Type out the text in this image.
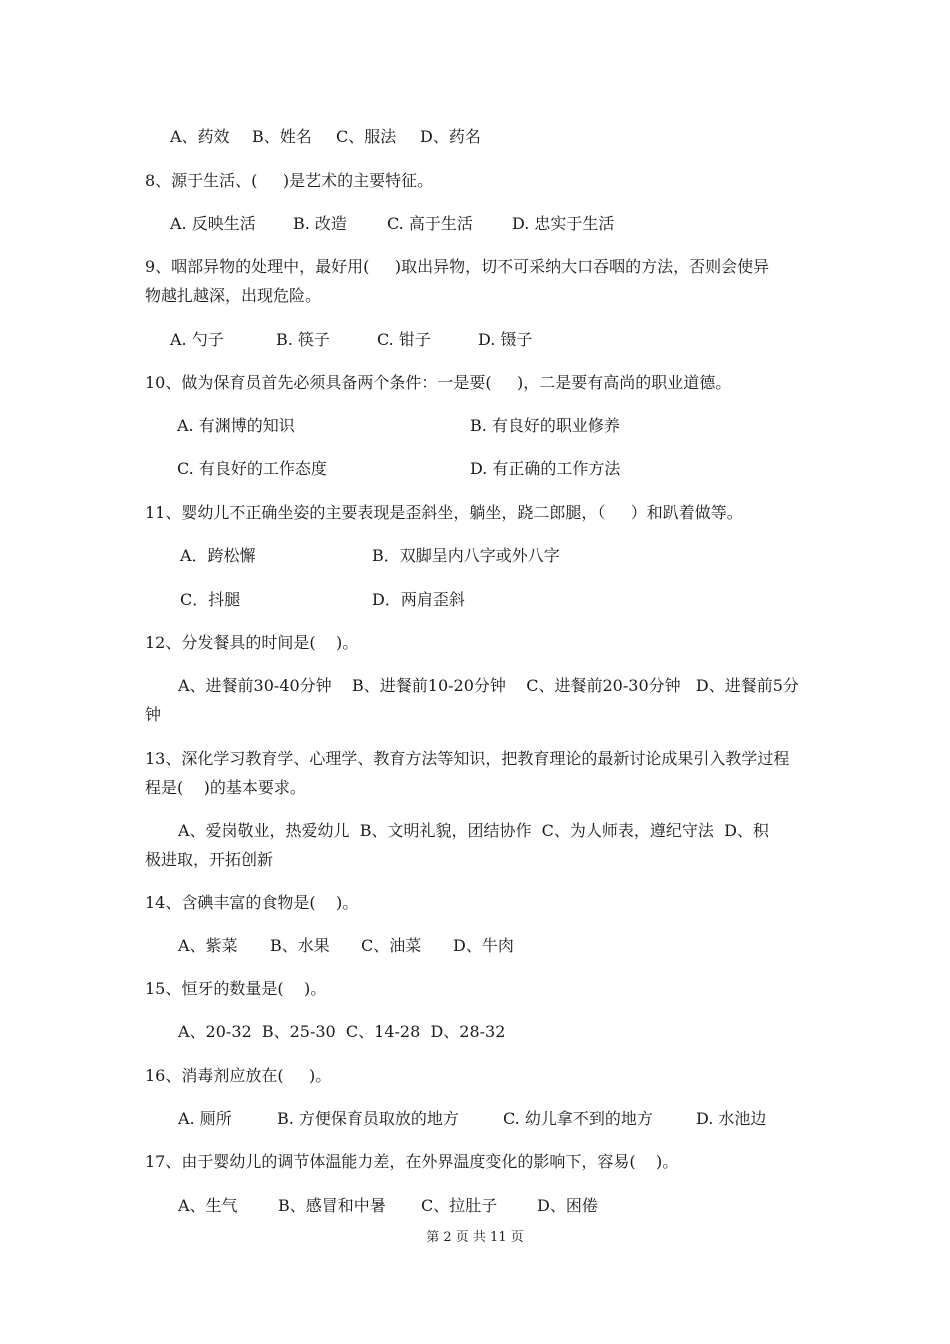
A、药效 B、姓名 C、服法 D、药名
8、源于生活、(     )是艺术的主要特征。
A. 反映生活 B. 改造	C. 高于生活 D. 忠实于生活
9、咽部异物的处理中，最好用(     )取出异物，切不可采纳大口吞咽的方法，否则会使异
物越扎越深，出现危险。
A. 勺子	B. 筷子	C. 钳子	D. 镊子
10、做为保育员首先必须具备两个条件：一是要(     )，二是要有高尚的职业道德。
A. 有渊博的知识	B. 有良好的职业修养
C. 有良好的工作态度	D. 有正确的工作方法
11、婴幼儿不正确坐姿的主要表现是歪斜坐，躺坐，跷二郎腿，（     ）和趴着做等。
A．跨松懈	B．双脚呈内八字或外八字
C．抖腿	D．两肩歪斜
12、分发餐具的时间是(    )。
A、进餐前30-40分钟    B、进餐前10-20分钟    C、进餐前20-30分钟   D、进餐前5分
钟
13、深化学习教育学、心理学、教育方法等知识，把教育理论的最新讨论成果引入教学过程
程是(    )的基本要求。
A、爱岗敬业，热爱幼儿  B、文明礼貌，团结协作  C、为人师表，遵纪守法  D、积
极进取，开拓创新
14、含碘丰富的食物是(    )。
A、紫菜 B、水果 C、油菜 D、牛肉
15、恒牙的数量是(    )。
A、20-32  B、25-30  C、14-28  D、28-32
16、消毒剂应放在(     )。
A. 厕所	B. 方便保育员取放的地方	C. 幼儿拿不到的地方	D. 水池边
17、由于婴幼儿的调节体温能力差，在外界温度变化的影响下，容易(    )。
A、生气	B、感冒和中暑 C、拉肚子 D、困倦
第 2 页 共 11 页
